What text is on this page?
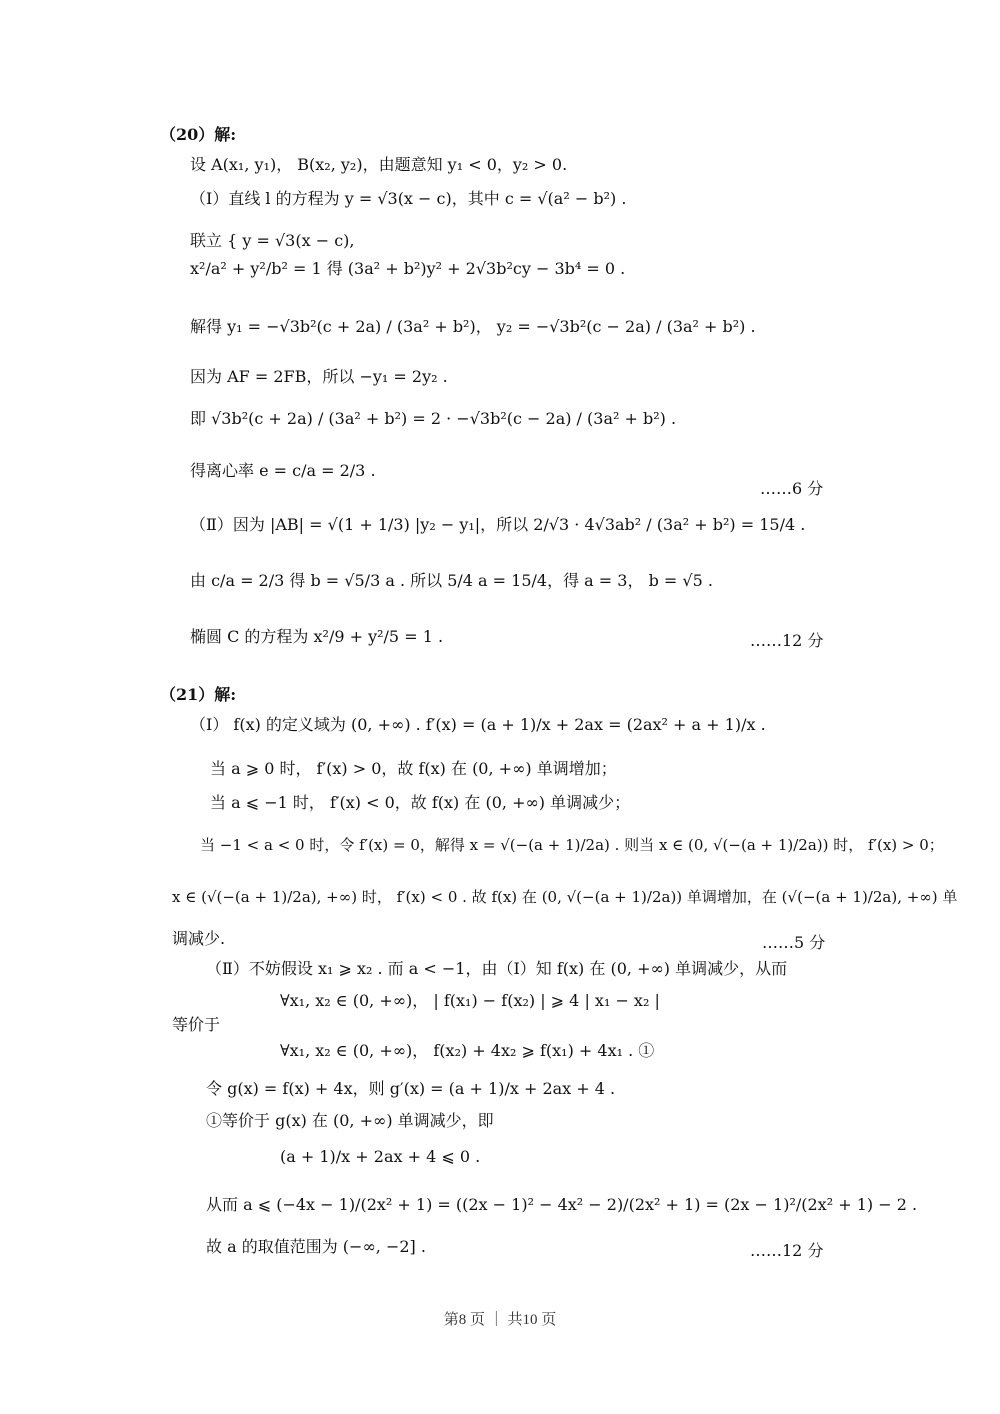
（20）解:
设 A(x₁, y₁)， B(x₂, y₂)，由题意知 y₁ < 0，y₂ > 0.
（Ⅰ）直线 l 的方程为 y = √3(x − c)，其中 c = √(a² − b²) .
联立 { y = √3(x − c),
x²/a² + y²/b² = 1 得 (3a² + b²)y² + 2√3b²cy − 3b⁴ = 0 .
解得 y₁ = −√3b²(c + 2a) / (3a² + b²)， y₂ = −√3b²(c − 2a) / (3a² + b²) .
因为 AF = 2FB，所以 −y₁ = 2y₂ .
即 √3b²(c + 2a) / (3a² + b²) = 2 · −√3b²(c − 2a) / (3a² + b²) .
得离心率 e = c/a = 2/3 .
……6 分
（Ⅱ）因为 |AB| = √(1 + 1/3) |y₂ − y₁|，所以 2/√3 · 4√3ab² / (3a² + b²) = 15/4 .
由 c/a = 2/3 得 b = √5/3 a . 所以 5/4 a = 15/4，得 a = 3， b = √5 .
椭圆 C 的方程为 x²/9 + y²/5 = 1 .	……12 分
（21）解:
（Ⅰ） f(x) 的定义域为 (0, +∞) . f′(x) = (a + 1)/x + 2ax = (2ax² + a + 1)/x .
当 a ⩾ 0 时， f′(x) > 0，故 f(x) 在 (0, +∞) 单调增加；
当 a ⩽ −1 时， f′(x) < 0，故 f(x) 在 (0, +∞) 单调减少；
当 −1 < a < 0 时，令 f′(x) = 0，解得 x = √(−(a + 1)/2a) . 则当 x ∈ (0, √(−(a + 1)/2a)) 时， f′(x) > 0；
x ∈ (√(−(a + 1)/2a), +∞) 时， f′(x) < 0 . 故 f(x) 在 (0, √(−(a + 1)/2a)) 单调增加，在 (√(−(a + 1)/2a), +∞) 单
调减少.	……5 分
（Ⅱ）不妨假设 x₁ ⩾ x₂ . 而 a < −1，由（Ⅰ）知 f(x) 在 (0, +∞) 单调减少，从而
∀x₁, x₂ ∈ (0, +∞)， | f(x₁) − f(x₂) | ⩾ 4 | x₁ − x₂ |
等价于
∀x₁, x₂ ∈ (0, +∞)， f(x₂) + 4x₂ ⩾ f(x₁) + 4x₁ . ①
令 g(x) = f(x) + 4x，则 g′(x) = (a + 1)/x + 2ax + 4 .
①等价于 g(x) 在 (0, +∞) 单调减少，即
(a + 1)/x + 2ax + 4 ⩽ 0 .
从而 a ⩽ (−4x − 1)/(2x² + 1) = ((2x − 1)² − 4x² − 2)/(2x² + 1) = (2x − 1)²/(2x² + 1) − 2 .
故 a 的取值范围为 (−∞, −2] .	……12 分
第8 页 ｜ 共10 页
